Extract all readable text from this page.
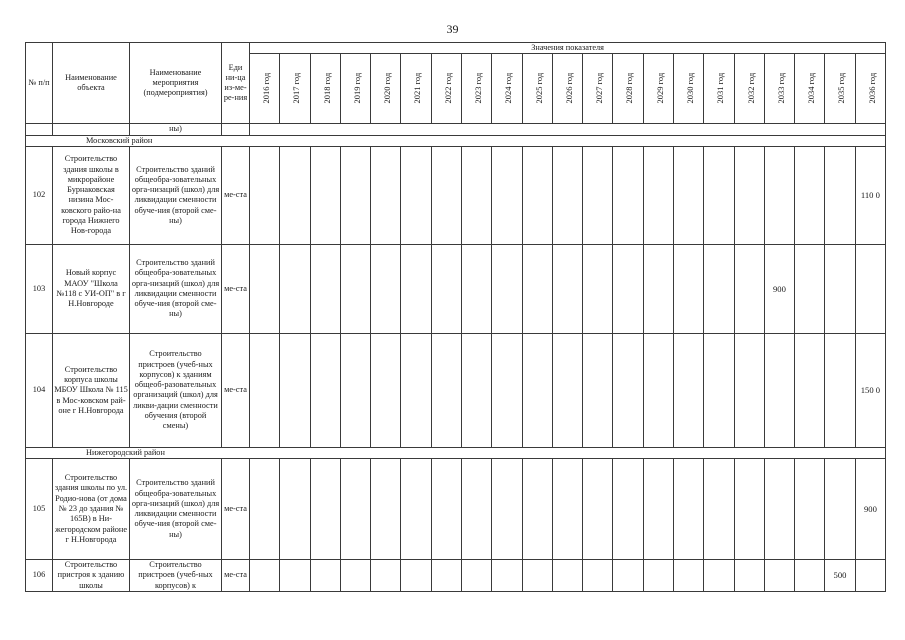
39
№ п/п	Наименование объекта	Наименование мероприятия (подмероприятия)	Еди ни-ца из-ме-ре-ния	Значения показателя																				
				2016 год	2017 год	2018 год	2019 год	2020 год	2021 год	2022 год	2023 год	2024 год	2025 год	2026 год	2027 год	2028 год	2029 год	2030 год	2031 год	2032 год	2033 год	2034 год	2035 год	2036 год
		ны)																						
Московский район																								
102	Строительство здания школы в микрорайоне Бурнаковская низина Мос-ковского райо-на города Нижнего Нов-города	Строительство зданий общеобра-зовательных орга-низаций (школ) для ликвидации сменности обуче-ния (второй сме-ны)	ме-ста																					110 0
103	Новый корпус МАОУ "Школа №118 с УИ-ОП" в г Н.Новгороде	Строительство зданий общеобра-зовательных орга-низаций (школ) для ликвидации сменности обуче-ния (второй сме-ны)	ме-ста																		900			
104	Строительство корпуса школы МБОУ Школа № 115 в Мос-ковском рай-оне г Н.Новгорода	Строительство пристроев (учеб-ных корпусов) к зданиям общеоб-разовательных организаций (школ) для ликви-дации сменности обучения (второй смены)	ме-ста																					150 0
Нижегородский район																								
105	Строительство здания школы по ул. Родио-нова (от дома № 23 до здания № 165В) в Ни-жегородском районе г Н.Новгорода	Строительство зданий общеобра-зовательных орга-низаций (школ) для ликвидации сменности обуче-ния (второй сме-ны)	ме-ста																					900
106	Строительство пристроя к зданию школы	Строительство пристроев (учеб-ных корпусов) к	ме-ста																				500	
